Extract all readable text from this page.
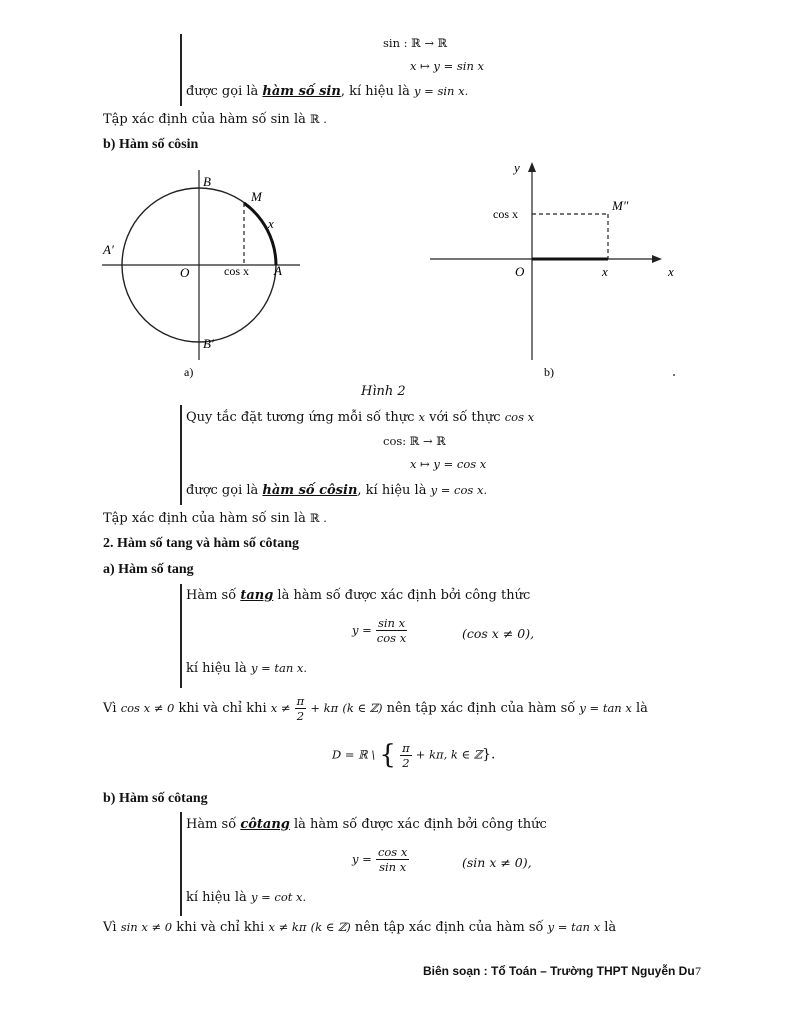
sin : ℝ → ℝ
x ↦ y = sin x
được gọi là hàm số sin, kí hiệu là y = sin x.
Tập xác định của hàm số sin là ℝ .
b) Hàm số côsin
B
M
x
A′
O	cos x A
B′
a)
y
cos x
M″
O	x	x
b)
Hình 2
Quy tắc đặt tương ứng mỗi số thực x với số thực cos x
cos: ℝ → ℝ
x ↦ y = cos x
được gọi là hàm số côsin, kí hiệu là y = cos x.
Tập xác định của hàm số sin là ℝ .
2. Hàm số tang và hàm số côtang
a) Hàm số tang
Hàm số tang là hàm số được xác định bởi công thức
$y = \frac{\text{sin x}}{\text{cos x}}$	(cos x ≠ 0),
kí hiệu là y = tan x.
Vì cos x ≠ 0 khi và chỉ khi $x \ne \frac{\pi}{2} + k\pi$ (k ∈ ℤ) nên tập xác định của hàm số y = tan x là
D = ℝ \ { $\frac{\pi}{2} + k\pi$, k ∈ ℤ}.
b) Hàm số côtang
Hàm số côtang là hàm số được xác định bởi công thức
$y = \frac{\text{cos x}}{\text{sin x}}$	(sin x ≠ 0),
kí hiệu là y = cot x.
Vì sin x ≠ 0 khi và chỉ khi x ≠ kπ (k ∈ ℤ) nên tập xác định của hàm số y = tan x là
Biên soạn : Tổ Toán – Trường THPT Nguyễn Du 7
